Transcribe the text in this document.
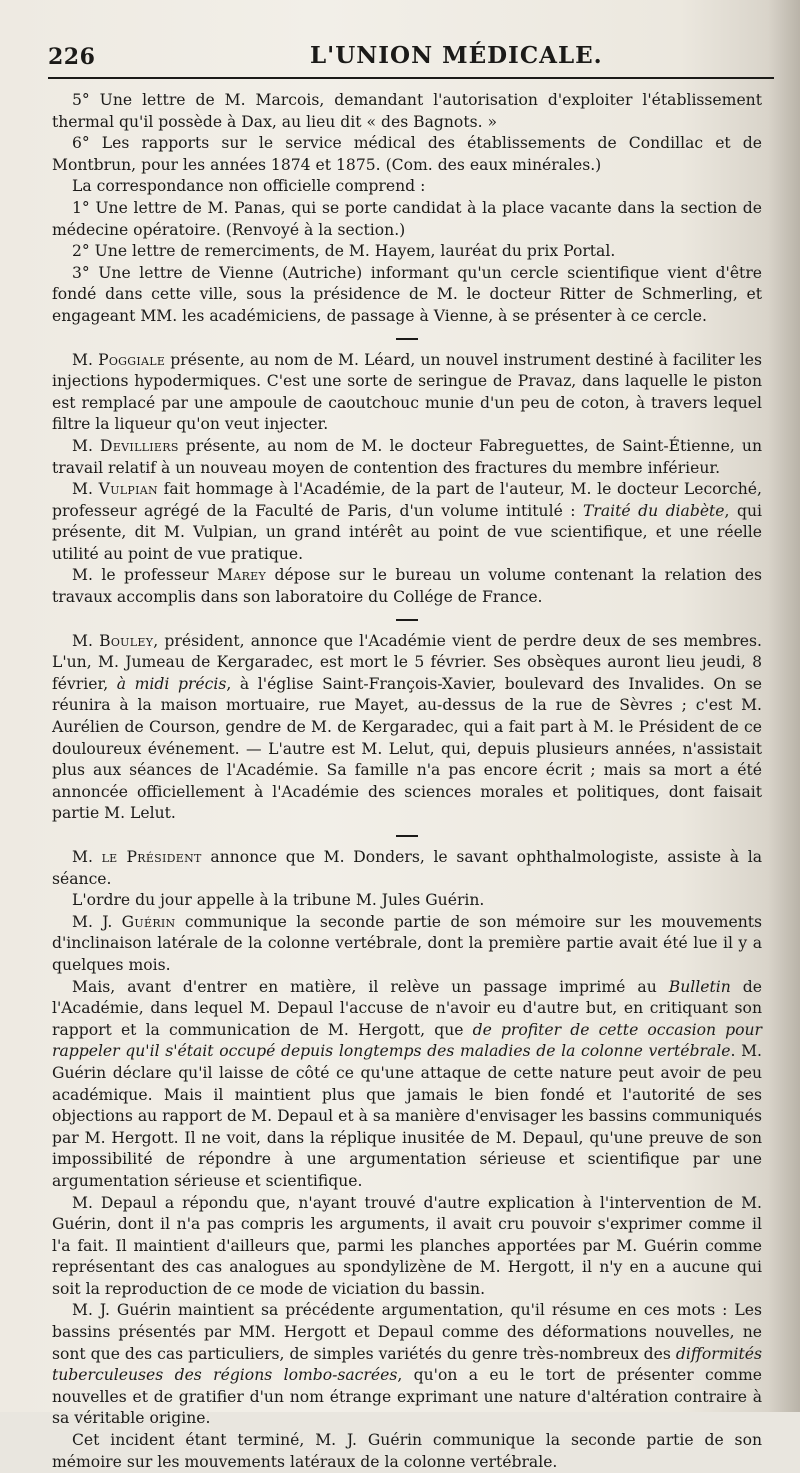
226	L'UNION MÉDICALE.

5° Une lettre de M. Marcois, demandant l'autorisation d'exploiter l'établissement thermal qu'il possède à Dax, au lieu dit « des Bagnots. »

6° Les rapports sur le service médical des établissements de Condillac et de Montbrun, pour les années 1874 et 1875. (Com. des eaux minérales.)

La correspondance non officielle comprend :

1° Une lettre de M. Panas, qui se porte candidat à la place vacante dans la section de médecine opératoire. (Renvoyé à la section.)

2° Une lettre de remerciments, de M. Hayem, lauréat du prix Portal.

3° Une lettre de Vienne (Autriche) informant qu'un cercle scientifique vient d'être fondé dans cette ville, sous la présidence de M. le docteur Ritter de Schmerling, et engageant MM. les académiciens, de passage à Vienne, à se présenter à ce cercle.

M. Poggiale présente, au nom de M. Léard, un nouvel instrument destiné à faciliter les injections hypodermiques. C'est une sorte de seringue de Pravaz, dans laquelle le piston est remplacé par une ampoule de caoutchouc munie d'un peu de coton, à travers lequel filtre la liqueur qu'on veut injecter.

M. Devilliers présente, au nom de M. le docteur Fabreguettes, de Saint-Étienne, un travail relatif à un nouveau moyen de contention des fractures du membre inférieur.

M. Vulpian fait hommage à l'Académie, de la part de l'auteur, M. le docteur Lecorché, professeur agrégé de la Faculté de Paris, d'un volume intitulé : Traité du diabète, qui présente, dit M. Vulpian, un grand intérêt au point de vue scientifique, et une réelle utilité au point de vue pratique.

M. le professeur Marey dépose sur le bureau un volume contenant la relation des travaux accomplis dans son laboratoire du Collége de France.

M. Bouley, président, annonce que l'Académie vient de perdre deux de ses membres. L'un, M. Jumeau de Kergaradec, est mort le 5 février. Ses obsèques auront lieu jeudi, 8 février, à midi précis, à l'église Saint-François-Xavier, boulevard des Invalides. On se réunira à la maison mortuaire, rue Mayet, au-dessus de la rue de Sèvres ; c'est M. Aurélien de Courson, gendre de M. de Kergaradec, qui a fait part à M. le Président de ce douloureux événement. — L'autre est M. Lelut, qui, depuis plusieurs années, n'assistait plus aux séances de l'Académie. Sa famille n'a pas encore écrit ; mais sa mort a été annoncée officiellement à l'Académie des sciences morales et politiques, dont faisait partie M. Lelut.

M. le Président annonce que M. Donders, le savant ophthalmologiste, assiste à la séance.

L'ordre du jour appelle à la tribune M. Jules Guérin.

M. J. Guérin communique la seconde partie de son mémoire sur les mouvements d'inclinaison latérale de la colonne vertébrale, dont la première partie avait été lue il y a quelques mois.

Mais, avant d'entrer en matière, il relève un passage imprimé au Bulletin de l'Académie, dans lequel M. Depaul l'accuse de n'avoir eu d'autre but, en critiquant son rapport et la communication de M. Hergott, que de profiter de cette occasion pour rappeler qu'il s'était occupé depuis longtemps des maladies de la colonne vertébrale. M. Guérin déclare qu'il laisse de côté ce qu'une attaque de cette nature peut avoir de peu académique. Mais il maintient plus que jamais le bien fondé et l'autorité de ses objections au rapport de M. Depaul et à sa manière d'envisager les bassins communiqués par M. Hergott. Il ne voit, dans la réplique inusitée de M. Depaul, qu'une preuve de son impossibilité de répondre à une argumentation sérieuse et scientifique par une argumentation sérieuse et scientifique.

M. Depaul a répondu que, n'ayant trouvé d'autre explication à l'intervention de M. Guérin, dont il n'a pas compris les arguments, il avait cru pouvoir s'exprimer comme il l'a fait. Il maintient d'ailleurs que, parmi les planches apportées par M. Guérin comme représentant des cas analogues au spondylizène de M. Hergott, il n'y en a aucune qui soit la reproduction de ce mode de viciation du bassin.

M. J. Guérin maintient sa précédente argumentation, qu'il résume en ces mots : Les bassins présentés par MM. Hergott et Depaul comme des déformations nouvelles, ne sont que des cas particuliers, de simples variétés du genre très-nombreux des difformités tuberculeuses des régions lombo-sacrées, qu'on a eu le tort de présenter comme nouvelles et de gratifier d'un nom étrange exprimant une nature d'altération contraire à sa véritable origine.

Cet incident étant terminé, M. J. Guérin communique la seconde partie de son mémoire sur les mouvements latéraux de la colonne vertébrale.
